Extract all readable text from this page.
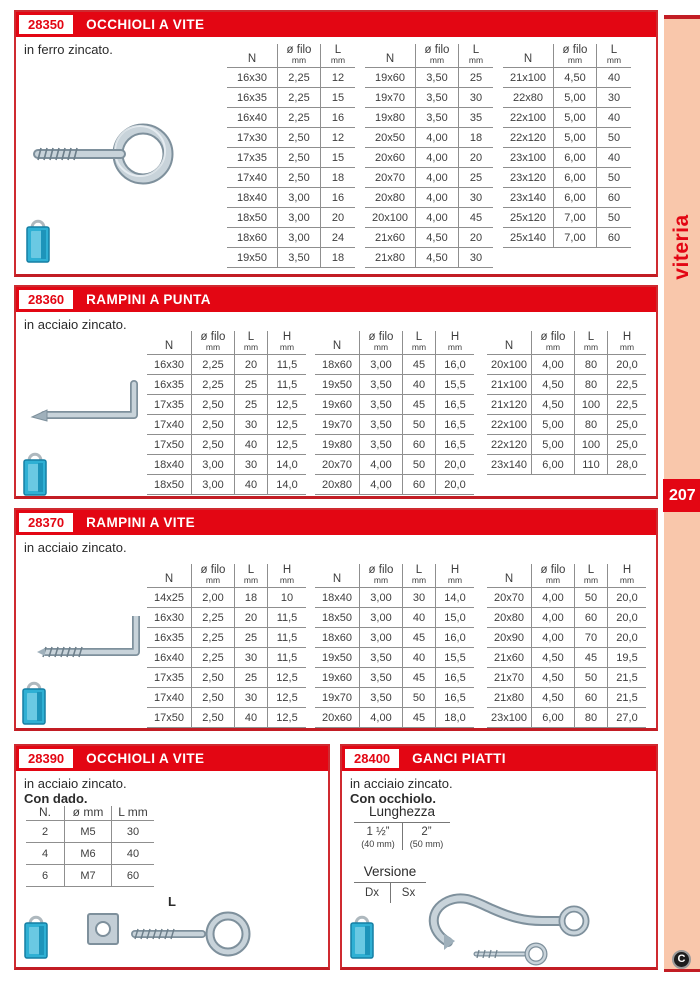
28350	OCCHIOLI A VITE
in ferro zincato.
N

ø filo
mm

L
mm

16x30	2,25	12
16x35	2,25	15
16x40	2,25	16
17x30	2,50	12
17x35	2,50	15
17x40	2,50	18
18x40	3,00	16
18x50	3,00	20
18x60	3,00	24
19x50	3,50	18
N

ø filo
mm

L
mm

19x60	3,50	25
19x70	3,50	30
19x80	3,50	35
20x50	4,00	18
20x60	4,00	20
20x70	4,00	25
20x80	4,00	30
20x100	4,00	45
21x60	4,50	20
21x80	4,50	30
N

ø filo
mm

L
mm

21x100	4,50	40
22x80	5,00	30
22x100	5,00	40
22x120	5,00	50
23x100	6,00	40
23x120	6,00	50
23x140	6,00	60
25x120	7,00	50
25x140	7,00	60
28360	RAMPINI A PUNTA
in acciaio zincato.
N

ø filo
mm

L
mm

H
mm

16x30	2,25	20	11,5
16x35	2,25	25	11,5
17x35	2,50	25	12,5
17x40	2,50	30	12,5
17x50	2,50	40	12,5
18x40	3,00	30	14,0
18x50	3,00	40	14,0
N

ø filo
mm

L
mm

H
mm

18x60	3,00	45	16,0
19x50	3,50	40	15,5
19x60	3,50	45	16,5
19x70	3,50	50	16,5
19x80	3,50	60	16,5
20x70	4,00	50	20,0
20x80	4,00	60	20,0
N

ø filo
mm

L
mm

H
mm

20x100	4,00	80	20,0
21x100	4,50	80	22,5
21x120	4,50	100	22,5
22x100	5,00	80	25,0
22x120	5,00	100	25,0
23x140	6,00	110	28,0
28370	RAMPINI A VITE
in acciaio zincato.
N

ø filo
mm

L
mm

H
mm

14x25	2,00	18	10
16x30	2,25	20	11,5
16x35	2,25	25	11,5
16x40	2,25	30	11,5
17x35	2,50	25	12,5
17x40	2,50	30	12,5
17x50	2,50	40	12,5
N

ø filo
mm

L
mm

H
mm

18x40	3,00	30	14,0
18x50	3,00	40	15,0
18x60	3,00	45	16,0
19x50	3,50	40	15,5
19x60	3,50	45	16,5
19x70	3,50	50	16,5
20x60	4,00	45	18,0
N

ø filo
mm

L
mm

H
mm

20x70	4,00	50	20,0
20x80	4,00	60	20,0
20x90	4,00	70	20,0
21x60	4,50	45	19,5
21x70	4,50	50	21,5
21x80	4,50	60	21,5
23x100	6,00	80	27,0
28390	OCCHIOLI A VITE
in acciaio zincato.
Con dado.
N.	ø mm	L mm

2	M5	30
4	M6	40
6	M7	60
L
28400	GANCI PIATTI
in acciaio zincato.
Con occhiolo.
Lunghezza
1 ½”
(40 mm)
2”
(50 mm)
Versione
Dx	Sx
viteria
207
C
